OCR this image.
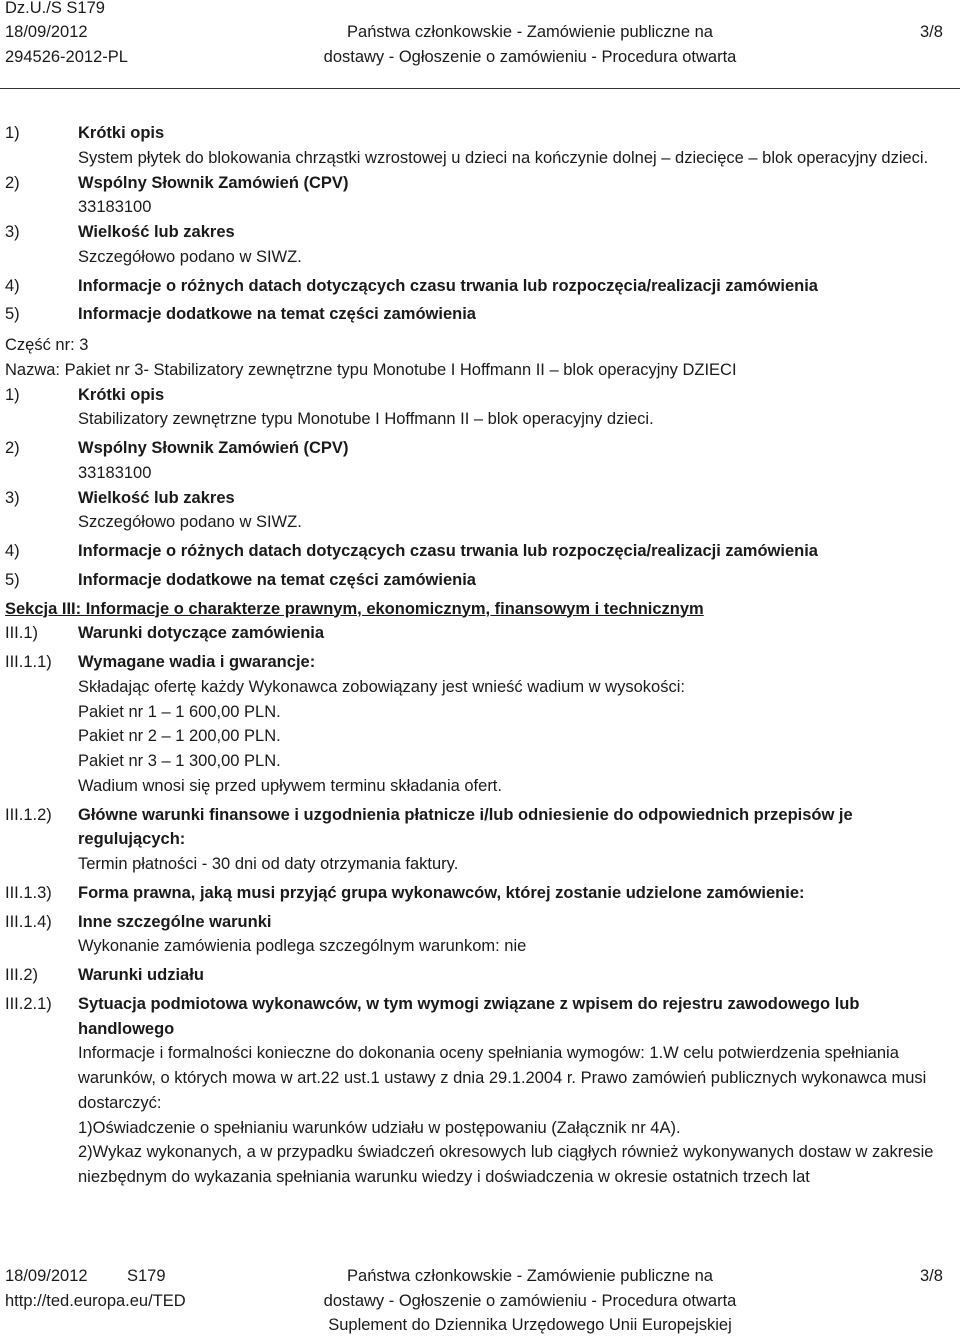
Dz.U./S S179
18/09/2012
294526-2012-PL
Państwa członkowskie - Zamówienie publiczne na
dostawy - Ogłoszenie o zamówieniu - Procedura otwarta
3/8
1)	Krótki opis
System płytek do blokowania chrząstki wzrostowej u dzieci na kończynie dolnej – dziecięce – blok operacyjny dzieci.
2)	Wspólny Słownik Zamówień (CPV)
33183100
3)	Wielkość lub zakres
Szczegółowo podano w SIWZ.
4)	Informacje o różnych datach dotyczących czasu trwania lub rozpoczęcia/realizacji zamówienia
5)	Informacje dodatkowe na temat części zamówienia
Część nr: 3
Nazwa: Pakiet nr 3- Stabilizatory zewnętrzne typu Monotube I Hoffmann II – blok operacyjny DZIECI
1)	Krótki opis
Stabilizatory zewnętrzne typu Monotube I Hoffmann II – blok operacyjny dzieci.
2)	Wspólny Słownik Zamówień (CPV)
33183100
3)	Wielkość lub zakres
Szczegółowo podano w SIWZ.
4)	Informacje o różnych datach dotyczących czasu trwania lub rozpoczęcia/realizacji zamówienia
5)	Informacje dodatkowe na temat części zamówienia
Sekcja III: Informacje o charakterze prawnym, ekonomicznym, finansowym i technicznym
III.1)	Warunki dotyczące zamówienia
III.1.1)	Wymagane wadia i gwarancje:
Składając ofertę każdy Wykonawca zobowiązany jest wnieść wadium w wysokości:
Pakiet nr 1 – 1 600,00 PLN.
Pakiet nr 2 – 1 200,00 PLN.
Pakiet nr 3 – 1 300,00 PLN.
Wadium wnosi się przed upływem terminu składania ofert.
III.1.2)	Główne warunki finansowe i uzgodnienia płatnicze i/lub odniesienie do odpowiednich przepisów je regulujących:
Termin płatności - 30 dni od daty otrzymania faktury.
III.1.3)	Forma prawna, jaką musi przyjąć grupa wykonawców, której zostanie udzielone zamówienie:
III.1.4)	Inne szczególne warunki
Wykonanie zamówienia podlega szczególnym warunkom: nie
III.2)	Warunki udziału
III.2.1)	Sytuacja podmiotowa wykonawców, w tym wymogi związane z wpisem do rejestru zawodowego lub handlowego
Informacje i formalności konieczne do dokonania oceny spełniania wymogów: 1.W celu potwierdzenia spełniania warunków, o których mowa w art.22 ust.1 ustawy z dnia 29.1.2004 r. Prawo zamówień publicznych wykonawca musi dostarczyć:
1)Oświadczenie o spełnianiu warunków udziału w postępowaniu (Załącznik nr 4A).
2)Wykaz wykonanych, a w przypadku świadczeń okresowych lub ciągłych również wykonywanych dostaw w zakresie niezbędnym do wykazania spełniania warunku wiedzy i doświadczenia w okresie ostatnich trzech lat
18/09/2012 S179
http://ted.europa.eu/TED
Państwa członkowskie - Zamówienie publiczne na
dostawy - Ogłoszenie o zamówieniu - Procedura otwarta
Suplement do Dziennika Urzędowego Unii Europejskiej
3/8
